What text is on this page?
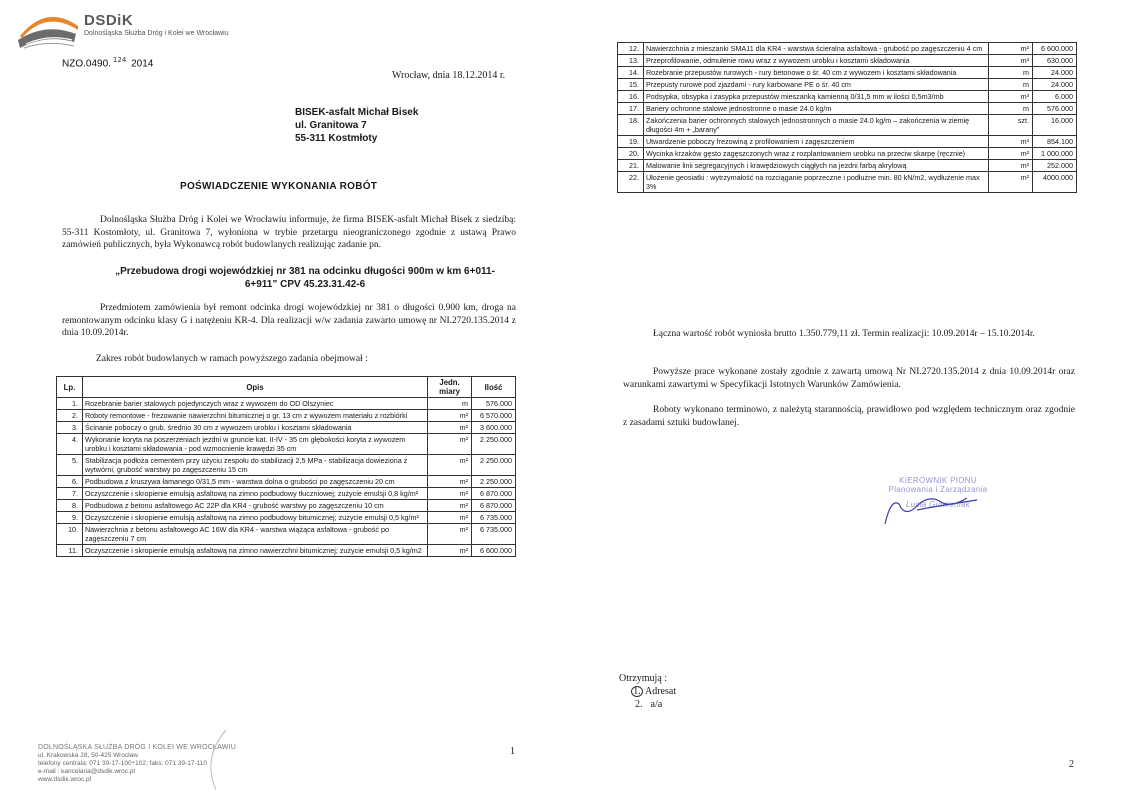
DSDiK
Dolnośląska Służba Dróg i Kolei we Wrocławiu
NZO.0490. $^{124}$ 2014
Wrocław, dnia 18.12.2014 r.
BISEK-asfalt Michał Bisek
ul. Granitowa 7
55-311 Kostmłoty
POŚWIADCZENIE WYKONANIA ROBÓT
Dolnośląska Służba Dróg i Kolei we Wrocławiu informuje, że firma BISEK-asfalt Michał Bisek z siedzibą: 55-311 Kostomłoty, ul. Granitowa 7, wyłoniona w trybie przetargu nieograniczonego zgodnie z ustawą Prawo zamówień publicznych, była Wykonawcą robót budowlanych realizując zadanie pn.
„Przebudowa drogi wojewódzkiej nr 381 na odcinku długości 900m w km 6+011-
6+911” CPV 45.23.31.42-6
Przedmiotem zamówienia był remont odcinka drogi wojewódzkiej nr 381 o długości 0.900 km, droga na remontowanym odcinku klasy G i natężeniu KR-4. Dla realizacji w/w zadania zawarto umowę nr NI.2720.135.2014 z dnia 10.09.2014r.
Zakres robót budowlanych w ramach powyższego zadania obejmował :
Lp.	Opis	Jedn. miary	Ilość
1.	Rozebranie barier stalowych pojedynczych wraz z wywozem do OD Olszyniec	m	576.000
2.	Roboty remontowe - frezowanie nawierzchni bitumicznej o gr. 13 cm z wywozem materiału z rozbiórki	m²	6 570.000
3.	Ścinanie poboczy o grub. średnio 30 cm z wywozem urobku i kosztami składowania	m²	3 600.000
4.	Wykonanie koryta na poszerzeniach jezdni w gruncie kat. II-IV - 35 cm głębokości koryta z wywozem urobku i kosztami składowania - pod wzmocnienie krawędzi 35 cm	m²	2 250.000
5.	Stabilizacja podłoża cementem przy użyciu zespołu do stabilizacji 2,5 MPa - stabilizacja dowieziona z wytwórni, grubość warstwy po zagęszczeniu 15 cm	m²	2 250.000
6.	Podbudowa z kruszywa łamanego 0/31,5 mm - warstwa dolna o grubości po zagęszczeniu 20 cm	m²	2 250.000
7.	Oczyszczenie i skropienie emulsją asfaltową na zimno podbudowy tłuczniowej; zużycie emulsji 0,8 kg/m²	m²	6 870.000
8.	Podbudowa z betonu asfaltowego AC 22P dla KR4 - grubość warstwy po zagęszczeniu 10 cm	m²	6 870.000
9.	Oczyszczenie i skropienie emulsją asfaltową na zimno podbudowy bitumicznej; zużycie emulsji 0,5 kg/m²	m²	6 735.000
10.	Nawierzchnia z betonu asfaltowego AC 16W dla KR4 - warstwa wiążąca asfaltowa - grubość po zagęszczeniu 7 cm	m²	6 735.000
11.	Oczyszczenie i skropienie emulsją asfaltową na zimno nawierzchni bitumicznej; zużycie emulsji 0,5 kg/m2	m²	6 600.000
DOLNOŚLĄSKA SŁUŻBA DRÓG I KOLEI WE WROCŁAWIU
ul. Krakowska 28, 50-425 Wrocław
telefony centrala: 071 39-17-100÷102; faks: 071 39-17-110
e-mail : kancelaria@dsdik.wroc.pl
www.dsdik.wroc.pl
1
12.	Nawierzchnia z mieszanki SMA11 dla KR4 - warstwa ścieralna asfaltowa - grubość po zagęszczeniu 4 cm	m²	6 600.000
13.	Przeprofilowanie, odmulenie rowu wraz z wywozem urobku i kosztami składowania	m³	630.000
14.	Rozebranie przepustów rurowych - rury betonowe o śr. 40 cm z wywozem i kosztami składowania	m	24.000
15.	Przepusty rurowe pod zjazdami - rury karbowane PE o śr. 40 cm	m	24.000
16.	Podsypka, obsypka i zasypka przepustów mieszanką kamienną 0/31,5 mm w ilości 0,5m3/mb	m³	6.000
17.	Bariery ochronne stalowe jednostronne o masie 24.0 kg/m	m	576.000
18.	Zakończenia barier ochronnych stalowych jednostronnych o masie 24.0 kg/m – zakończenia w ziemię długości 4m + „barany”	szt.	16.000
19.	Utwardzenie poboczy frezowiną z profilowaniem i zagęszczeniem	m³	854.100
20.	Wycinka krzaków gęsto zagęszczonych wraz z rozplantowaniem urobku na przeciw skarpę (ręcznie)	m²	1 000.000
21.	Malowanie linii segregacyjnych i krawędziowych ciągłych na jezdni farbą akrylową	m²	252.000
22.	Ułożenie geosiatki : wytrzymałość na rozciąganie poprzeczne i podłużne min. 80 kN/m2, wydłużenie max 3%	m²	4000.000
Łączna wartość robót wyniosła brutto 1.350.779,11 zł. Termin realizacji: 10.09.2014r – 15.10.2014r.
Powyższe prace wykonane zostały zgodnie z zawartą umową Nr NI.2720.135.2014 z dnia 10.09.2014r oraz warunkami zawartymi w Specyfikacji Istotnych Warunków Zamówienia.
Roboty wykonano terminowo, z należytą starannością, prawidłowo pod względem technicznym oraz zgodnie z zasadami sztuki budowlanej.
KIEROWNIK PIONU
Planowania i Zarządzania
Lucia Gumieniak
Otrzymują :
1. Adresat
2. a/a
2
